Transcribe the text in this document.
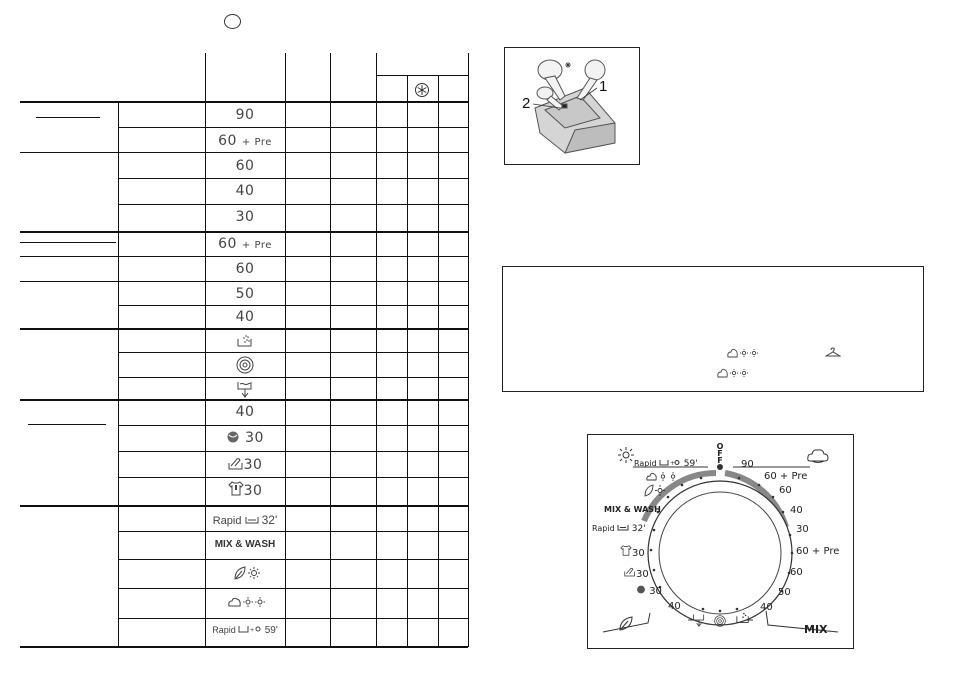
90
60 + Pre
60
40
30
60 + Pre
60
50
40
40
30
30
30
Rapid 32'
MIX & WASH
Rapid + 59'
1
2
O
F
F 90
60 + Pre
60
40
30
60 + Pre
60
50
40
Rapid + 59'
MIX & WASH
Rapid 32'
30
30
30
40
MIX
